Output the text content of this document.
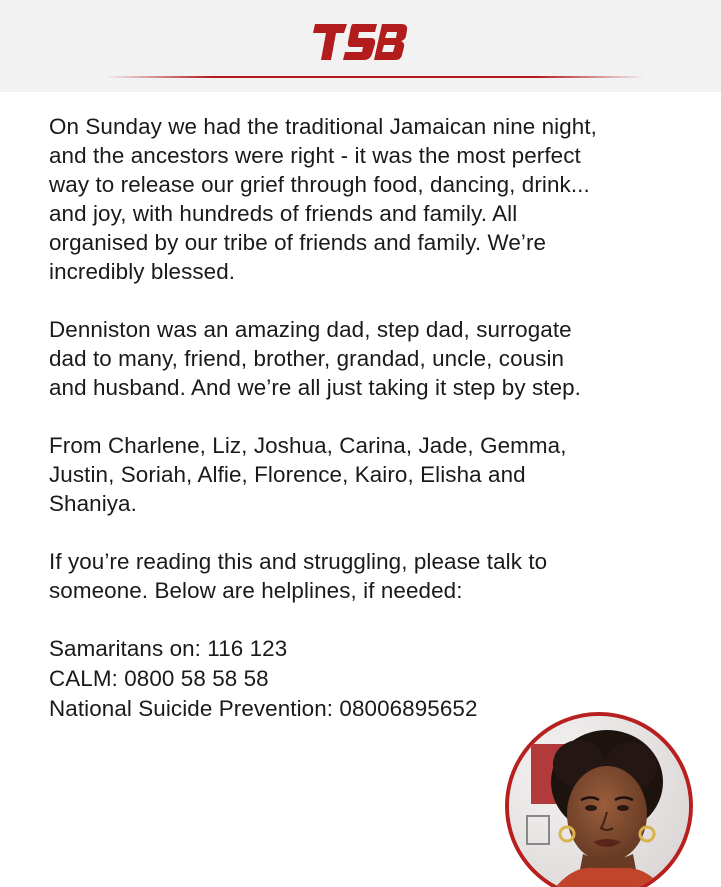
On Sunday we had the traditional Jamaican nine night,
and the ancestors were right - it was the most perfect
way to release our grief through food, dancing, drink...
and joy, with hundreds of friends and family. All
organised by our tribe of friends and family. We’re
incredibly blessed.

Denniston was an amazing dad, step dad, surrogate
dad to many, friend, brother, grandad, uncle, cousin
and husband. And we’re all just taking it step by step.

From Charlene, Liz, Joshua, Carina, Jade, Gemma,
Justin, Soriah, Alfie, Florence, Kairo, Elisha and
Shaniya.

If you’re reading this and struggling, please talk to
someone. Below are helplines, if needed:

Samaritans on: 116 123
CALM: 0800 58 58 58
National Suicide Prevention: 08006895652
